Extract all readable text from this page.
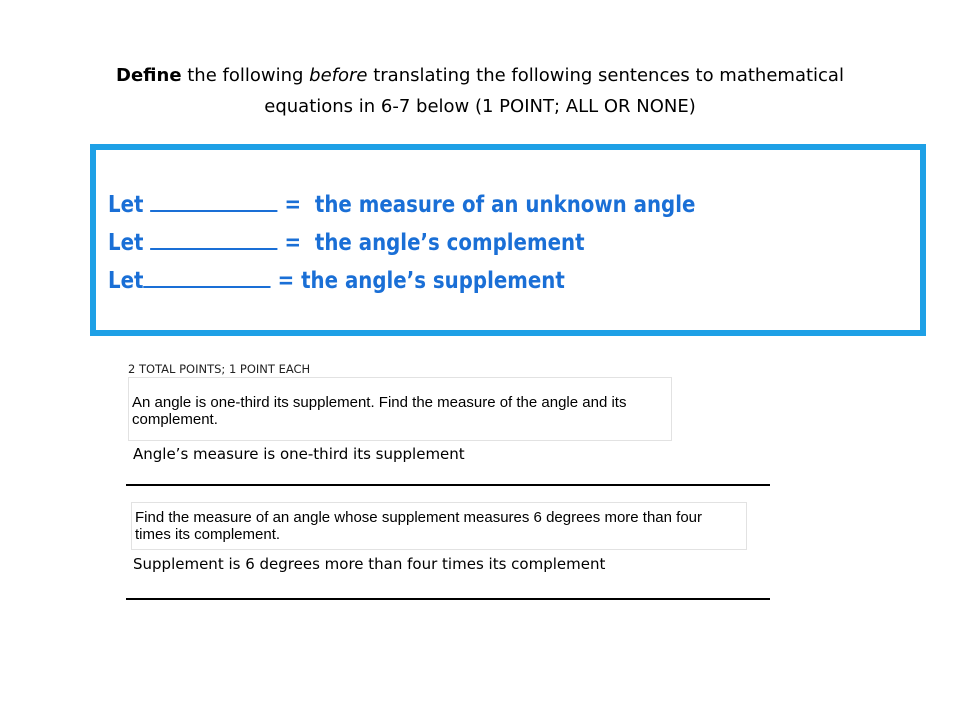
Define the following before translating the following sentences to mathematical
equations in 6-7 below (1 POINT; ALL OR NONE)
Let	=  the measure of an unknown angle
Let	=  the angle’s complement
Let	= the angle’s supplement
2 TOTAL POINTS; 1 POINT EACH
An angle is one-third its supplement. Find the measure of the angle and its complement.
Angle’s measure is one-third its supplement
Find the measure of an angle whose supplement measures 6 degrees more than four times its complement.
Supplement is 6 degrees more than four times its complement
